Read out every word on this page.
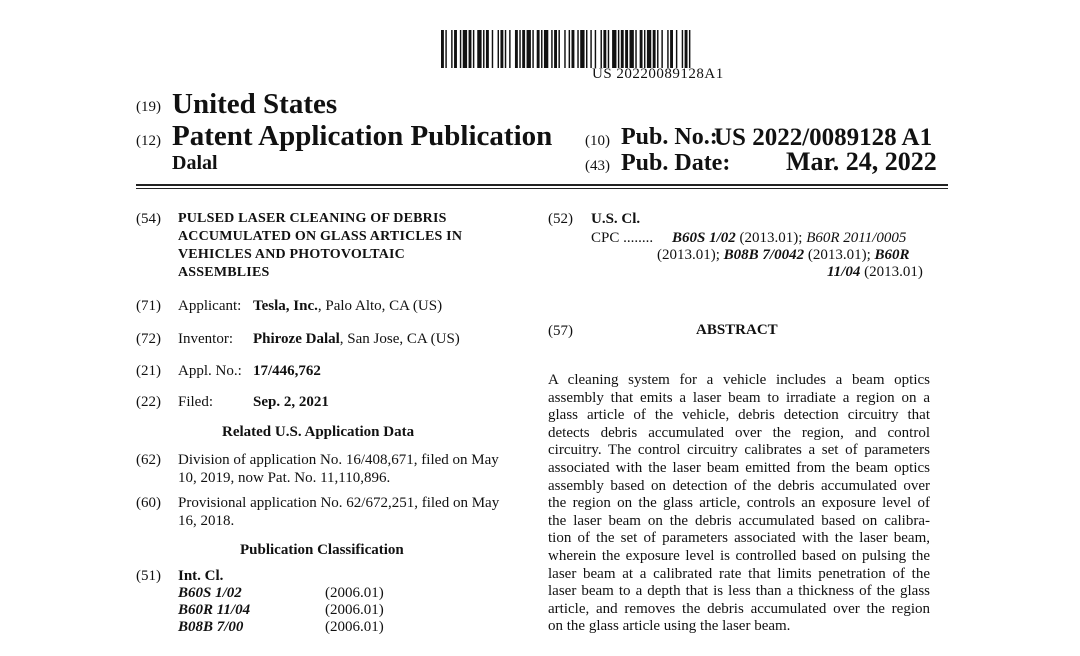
US 20220089128A1
(19) United States
(12) Patent Application Publication
Dalal
(10) Pub. No.:
US 2022/0089128 A1
(43) Pub. Date: Mar. 24, 2022
(54) PULSED LASER CLEANING OF DEBRIS
ACCUMULATED ON GLASS ARTICLES IN
VEHICLES AND PHOTOVOLTAIC
ASSEMBLIES
(71) Applicant: Tesla, Inc., Palo Alto, CA (US)
(72) Inventor: Phiroze Dalal, San Jose, CA (US)
(21) Appl. No.: 17/446,762
(22) Filed:	Sep. 2, 2021
Related U.S. Application Data
(62) Division of application No. 16/408,671, filed on May
10, 2019, now Pat. No. 11,110,896.
(60) Provisional application No. 62/672,251, filed on May
16, 2018.
Publication Classification
(51) Int. Cl.
B60S 1/02	(2006.01)
B60R 11/04	(2006.01)
B08B 7/00	(2006.01)
(52) U.S. Cl.
CPC ........ B60S 1/02 (2013.01); B60R 2011/0005
(2013.01); B08B 7/0042 (2013.01); B60R
11/04 (2013.01)
(57)	ABSTRACT
A cleaning system for a vehicle includes a beam optics
assembly that emits a laser beam to irradiate a region on a
glass article of the vehicle, debris detection circuitry that
detects debris accumulated over the region, and control
circuitry. The control circuitry calibrates a set of parameters
associated with the laser beam emitted from the beam optics
assembly based on detection of the debris accumulated over
the region on the glass article, controls an exposure level of
the laser beam on the debris accumulated based on calibra-
tion of the set of parameters associated with the laser beam,
wherein the exposure level is controlled based on pulsing the
laser beam at a calibrated rate that limits penetration of the
laser beam to a depth that is less than a thickness of the glass
article, and removes the debris accumulated over the region
on the glass article using the laser beam.
